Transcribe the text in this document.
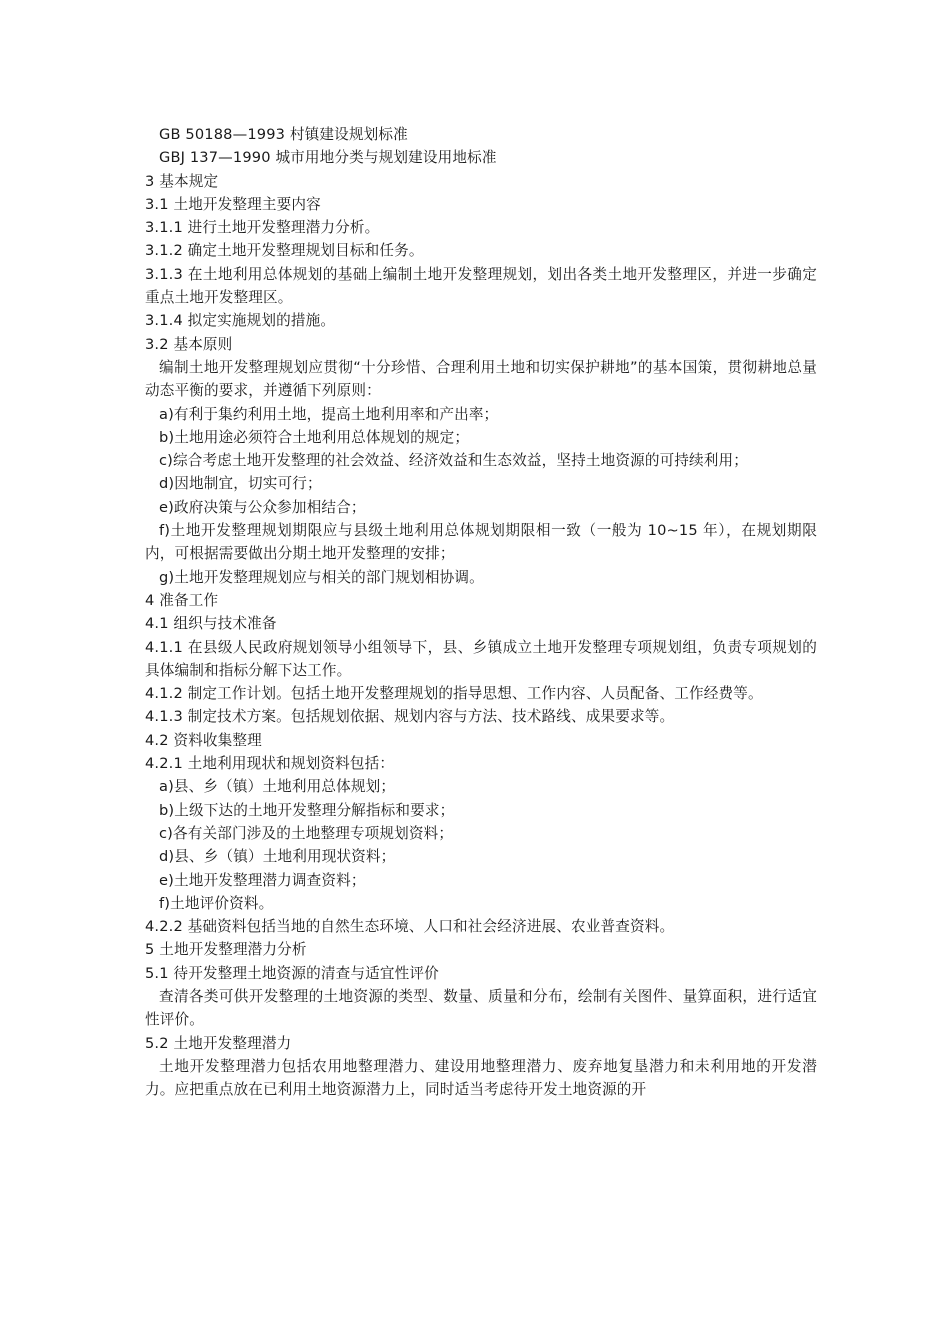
GB 50188—1993 村镇建设规划标准

GBJ 137—1990 城市用地分类与规划建设用地标准

3 基本规定

3.1 土地开发整理主要内容

3.1.1 进行土地开发整理潜力分析。

3.1.2 确定土地开发整理规划目标和任务。

3.1.3 在土地利用总体规划的基础上编制土地开发整理规划，划出各类土地开发整理区，并进一步确定重点土地开发整理区。

3.1.4 拟定实施规划的措施。

3.2 基本原则

编制土地开发整理规划应贯彻“十分珍惜、合理利用土地和切实保护耕地”的基本国策，贯彻耕地总量动态平衡的要求，并遵循下列原则：

a)有利于集约利用土地，提高土地利用率和产出率；

b)土地用途必须符合土地利用总体规划的规定；

c)综合考虑土地开发整理的社会效益、经济效益和生态效益，坚持土地资源的可持续利用；

d)因地制宜，切实可行；

e)政府决策与公众参加相结合；

f)土地开发整理规划期限应与县级土地利用总体规划期限相一致（一般为 10~15 年），在规划期限内，可根据需要做出分期土地开发整理的安排；

g)土地开发整理规划应与相关的部门规划相协调。

4 准备工作

4.1 组织与技术准备

4.1.1 在县级人民政府规划领导小组领导下，县、乡镇成立土地开发整理专项规划组，负责专项规划的具体编制和指标分解下达工作。

4.1.2 制定工作计划。包括土地开发整理规划的指导思想、工作内容、人员配备、工作经费等。

4.1.3 制定技术方案。包括规划依据、规划内容与方法、技术路线、成果要求等。

4.2 资料收集整理

4.2.1 土地利用现状和规划资料包括：

a)县、乡（镇）土地利用总体规划；

b)上级下达的土地开发整理分解指标和要求；

c)各有关部门涉及的土地整理专项规划资料；

d)县、乡（镇）土地利用现状资料；

e)土地开发整理潜力调查资料；

f)土地评价资料。

4.2.2 基础资料包括当地的自然生态环境、人口和社会经济进展、农业普查资料。

5 土地开发整理潜力分析

5.1 待开发整理土地资源的清查与适宜性评价

查清各类可供开发整理的土地资源的类型、数量、质量和分布，绘制有关图件、量算面积，进行适宜性评价。

5.2 土地开发整理潜力

土地开发整理潜力包括农用地整理潜力、建设用地整理潜力、废弃地复垦潜力和未利用地的开发潜力。应把重点放在已利用土地资源潜力上，同时适当考虑待开发土地资源的开
